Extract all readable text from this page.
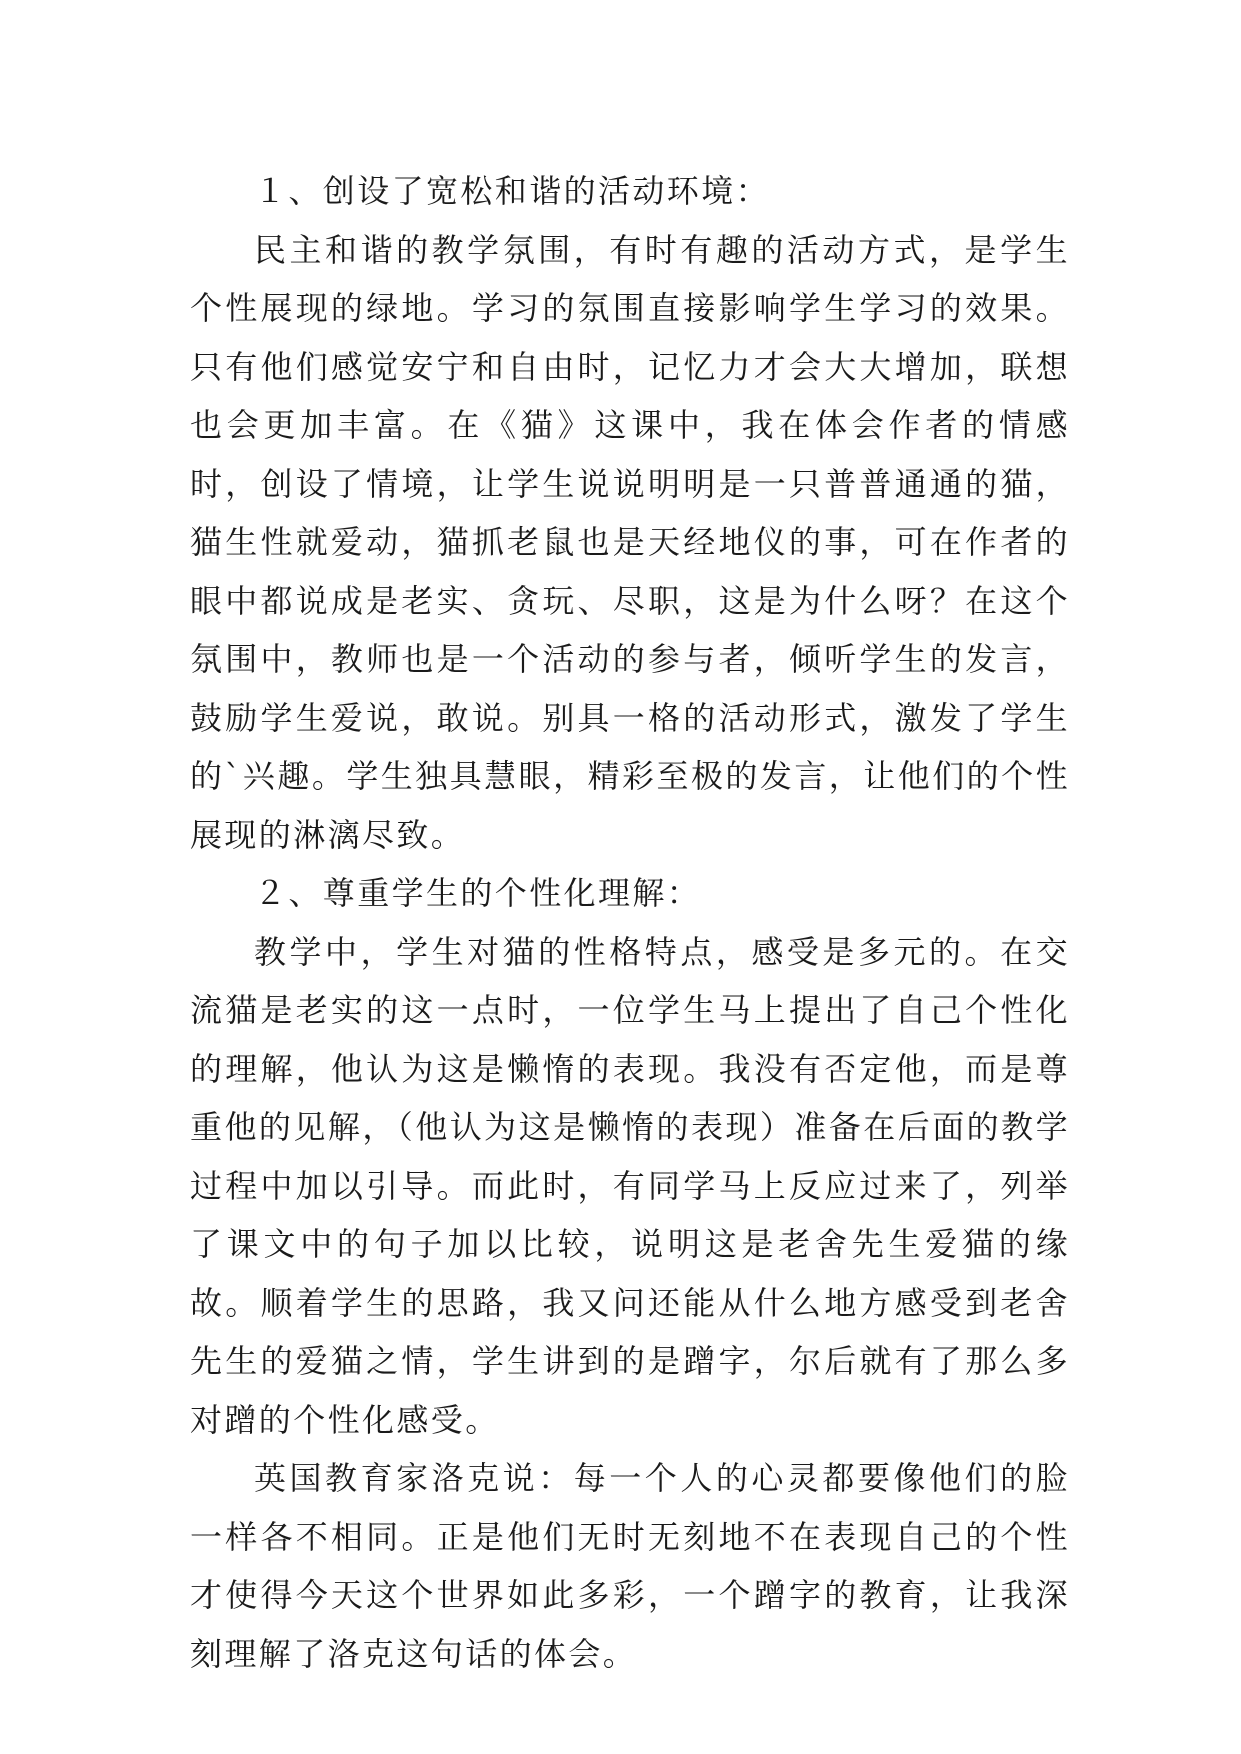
１、创设了宽松和谐的活动环境：

民主和谐的教学氛围，有时有趣的活动方式，是学生个性展现的绿地。学习的氛围直接影响学生学习的效果。只有他们感觉安宁和自由时，记忆力才会大大增加，联想也会更加丰富。在《猫》这课中，我在体会作者的情感时，创设了情境，让学生说说明明是一只普普通通的猫，猫生性就爱动，猫抓老鼠也是天经地仪的事，可在作者的眼中都说成是老实、贪玩、尽职，这是为什么呀？在这个氛围中，教师也是一个活动的参与者，倾听学生的发言，鼓励学生爱说，敢说。别具一格的活动形式，激发了学生的`兴趣。学生独具慧眼，精彩至极的发言，让他们的个性展现的淋漓尽致。

２、尊重学生的个性化理解：

教学中，学生对猫的性格特点，感受是多元的。在交流猫是老实的这一点时，一位学生马上提出了自己个性化的理解，他认为这是懒惰的表现。我没有否定他，而是尊重他的见解，（他认为这是懒惰的表现）准备在后面的教学过程中加以引导。而此时，有同学马上反应过来了，列举了课文中的句子加以比较，说明这是老舍先生爱猫的缘故。顺着学生的思路，我又问还能从什么地方感受到老舍先生的爱猫之情，学生讲到的是蹭字，尔后就有了那么多对蹭的个性化感受。

英国教育家洛克说：每一个人的心灵都要像他们的脸一样各不相同。正是他们无时无刻地不在表现自己的个性才使得今天这个世界如此多彩，一个蹭字的教育，让我深刻理解了洛克这句话的体会。
